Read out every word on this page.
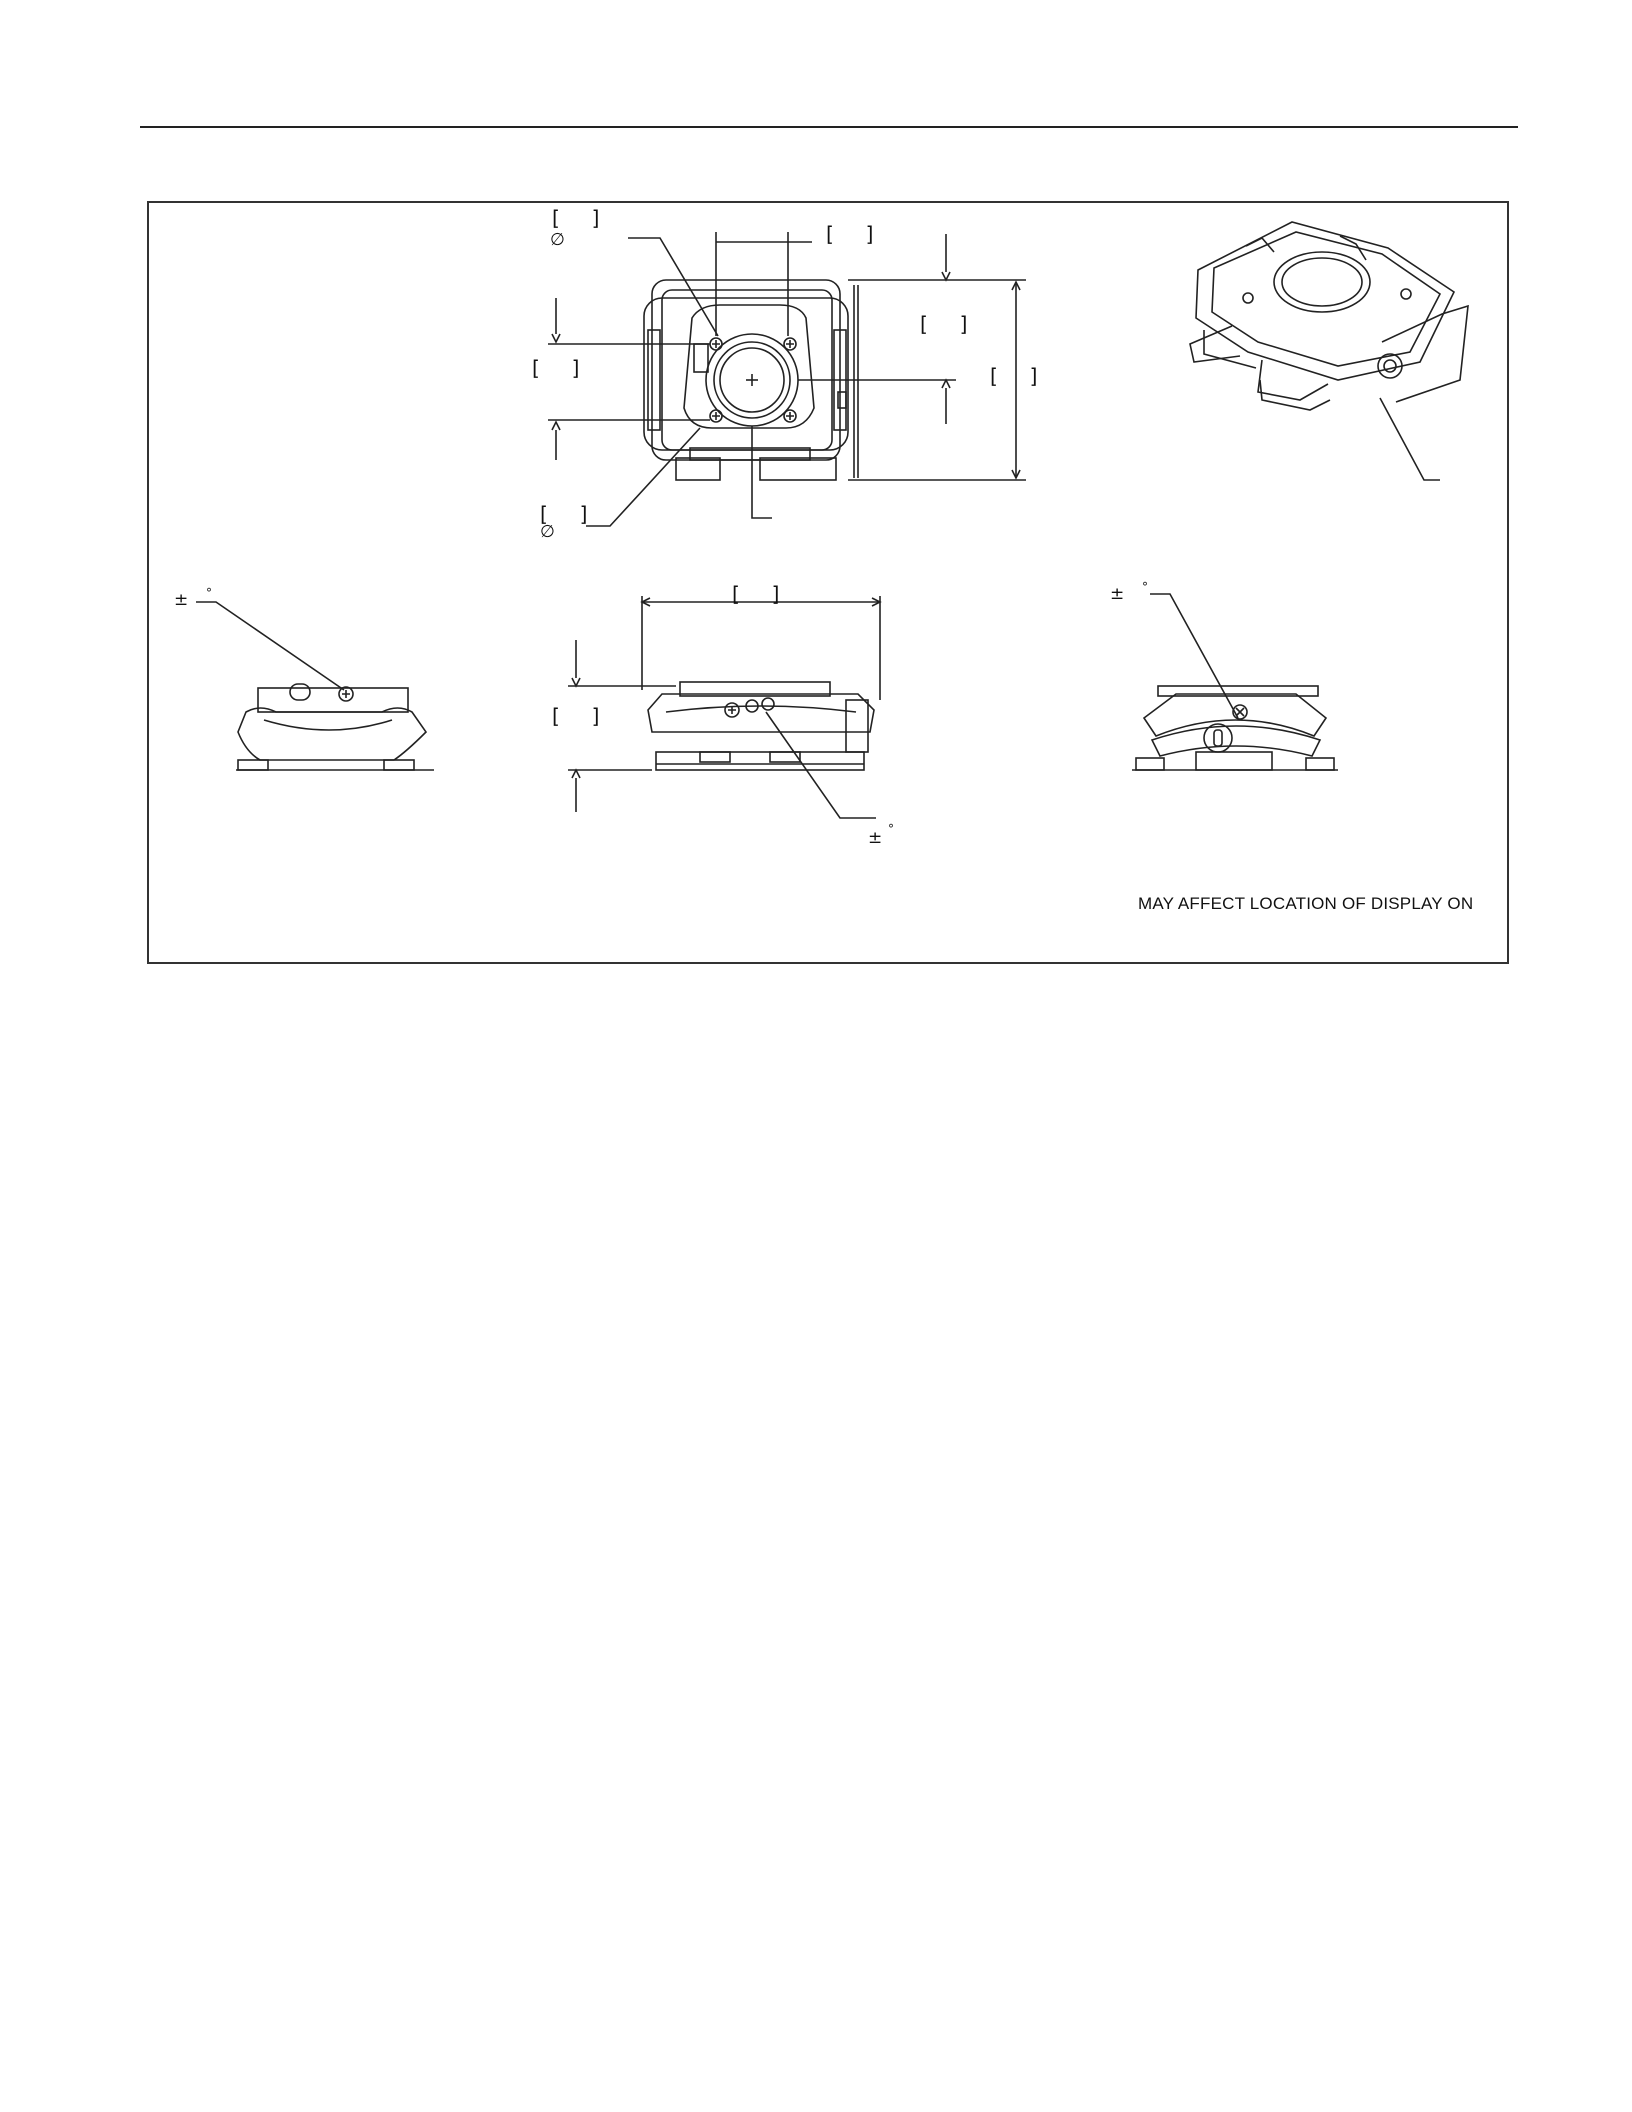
[     ]
∅	[     ]
[     ]
[     ]	[     ]
[     ]
∅
[     ]
[     ]
± °	± °
± °
MAY AFFECT LOCATION OF DISPLAY ON
